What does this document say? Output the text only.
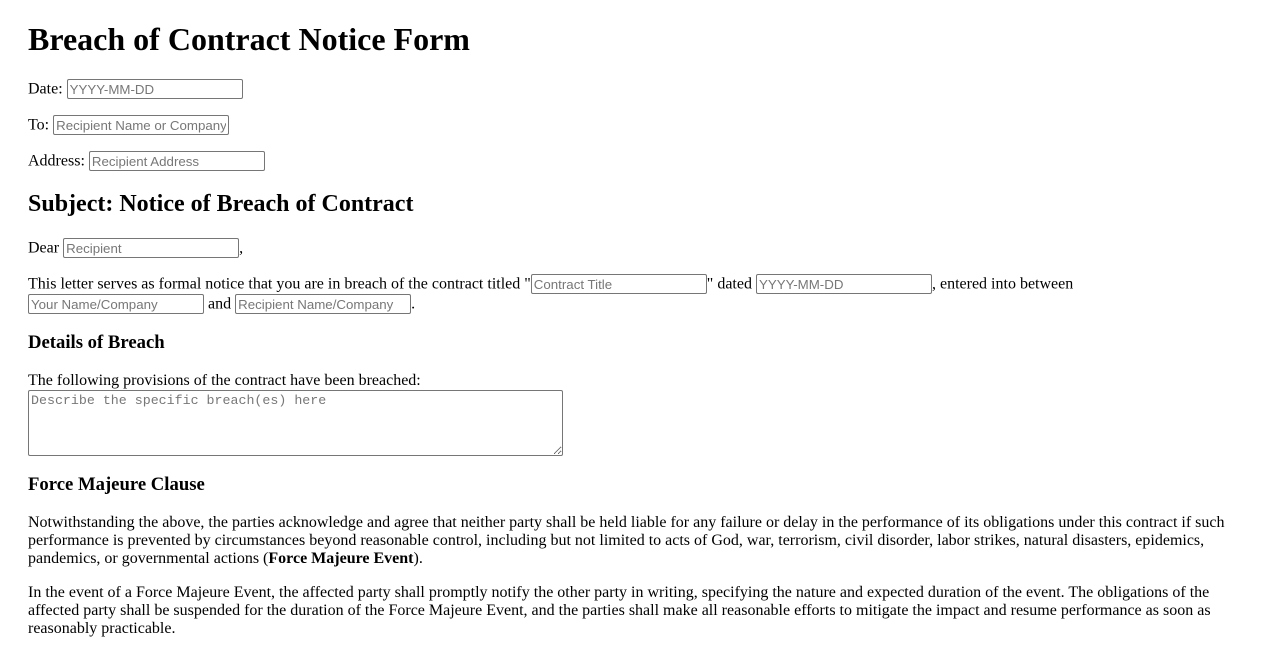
Breach of Contract Notice Form

Date: YYYY-MM-DD

To: Recipient Name or Company

Address: Recipient Address

Subject: Notice of Breach of Contract

Dear Recipient	,

This letter serves as formal notice that you are in breach of the contract titled "Contract Title	" dated YYYY-MM-DD	, entered into between
Your Name/Company and Recipient Name/Company	.

Details of Breach

The following provisions of the contract have been breached:

Describe the specific breach(es) here
Force Majeure Clause

Notwithstanding the above, the parties acknowledge and agree that neither party shall be held liable for any failure or delay in the performance of its obligations under this contract if such performance is prevented by circumstances beyond reasonable control, including but not limited to acts of God, war, terrorism, civil disorder, labor strikes, natural disasters, epidemics, pandemics, or governmental actions (Force Majeure Event).

In the event of a Force Majeure Event, the affected party shall promptly notify the other party in writing, specifying the nature and expected duration of the event. The obligations of the affected party shall be suspended for the duration of the Force Majeure Event, and the parties shall make all reasonable efforts to mitigate the impact and resume performance as soon as reasonably practicable.
